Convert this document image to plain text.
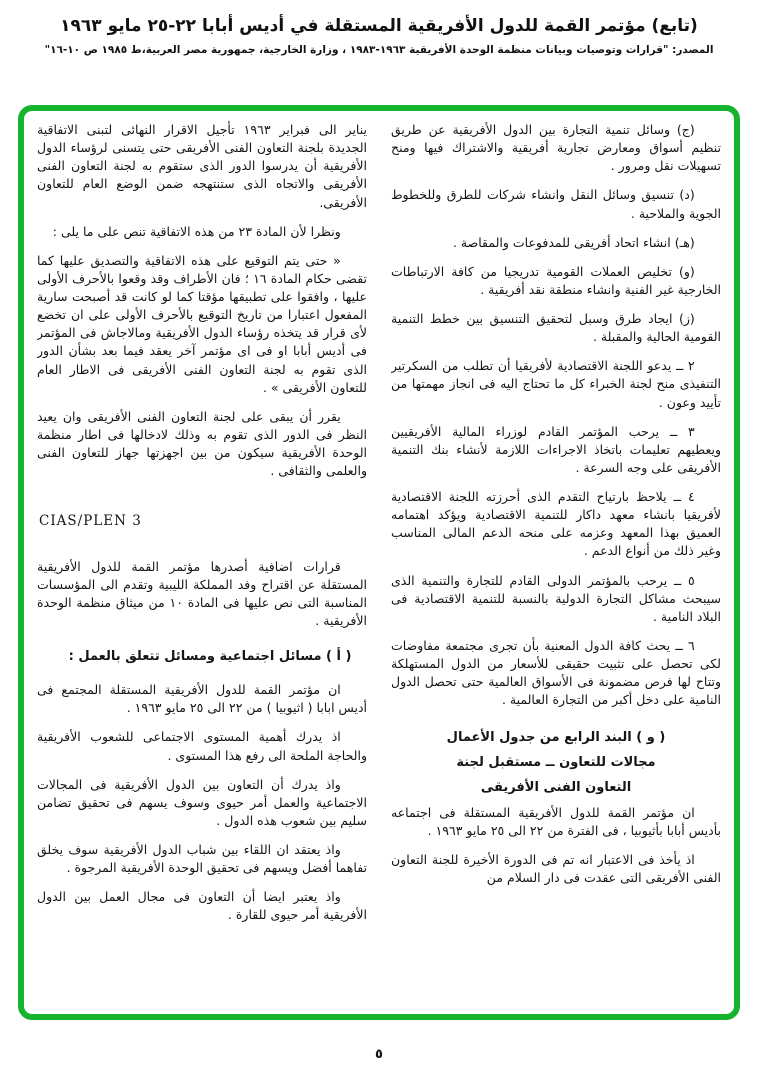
(تابع) مؤتمر القمة للدول الأفريقية المستقلة في أديس أبابا ٢٢-٢٥ مايو ١٩٦٣
المصدر: "قرارات وتوصيات وبيانات منظمة الوحدة الأفريقية ١٩٦٣-١٩٨٣ ، وزارة الخارجية، جمهورية مصر العربية،ط ١٩٨٥ ص ١٠-١٦"

(ج) وسائل تنمية التجارة بين الدول الأفريقية عن طريق تنظيم أسواق ومعارض تجارية أفريقية والاشتراك فيها ومنح تسهيلات نقل ومرور .

(د) تنسيق وسائل النقل وانشاء شركات للطرق وللخطوط الجوية والملاحية .

(هـ) انشاء اتحاد أفريقى للمدفوعات والمقاصة .

(و) تخليص العملات القومية تدريجيا من كافة الارتباطات الخارجية غير الفنية وانشاء منطقة نقد أفريقية .

(ز) ايجاد طرق وسبل لتحقيق التنسيق بين خطط التنمية القومية الحالية والمقبلة .

٢ ــ يدعو اللجنة الاقتصادية لأفريقيا أن تطلب من السكرتير التنفيذى منح لجنة الخبراء كل ما تحتاج اليه فى انجاز مهمتها من تأييد وعون .

٣ ــ يرحب المؤتمر القادم لوزراء المالية الأفريقيين ويعطيهم تعليمات باتخاذ الاجراءات اللازمة لأنشاء بنك التنمية الأفريقى على وجه السرعة .

٤ ــ يلاحظ بارتياح التقدم الذى أحرزته اللجنة الاقتصادية لأفريقيا بانشاء معهد داكار للتنمية الاقتصادية ويؤكد اهتمامه العميق بهذا المعهد وعزمه على منحه الدعم المالى المناسب وغير ذلك من أنواع الدعم .

٥ ــ يرحب بالمؤتمر الدولى القادم للتجارة والتنمية الذى سيبحث مشاكل التجارة الدولية بالنسبة للتنمية الاقتصادية فى البلاد النامية .

٦ ــ يحث كافة الدول المعنية بأن تجرى مجتمعة مفاوضات لكى تحصل على تثبيت حقيقى للأسعار من الدول المستهلكة وتتاح لها فرص مضمونة فى الأسواق العالمية حتى تحصل الدول النامية على دخل أكبر من التجارة العالمية .

( و ) البند الرابع من جدول الأعمال

مجالات للتعاون ــ مستقبل لجنة

التعاون الفنى الأفريقى

ان مؤتمر القمة للدول الأفريقية المستقلة فى اجتماعه بأديس أبابا بأثيوبيا ، فى الفترة من ٢٢ الى ٢٥ مايو ١٩٦٣ .

اذ يأخذ فى الاعتبار انه تم فى الدورة الأخيرة للجنة التعاون الفنى الأفريقى التى عقدت فى دار السلام من

يناير الى فبراير ١٩٦٣ تأجيل الاقرار النهائى لتبنى الاتفاقية الجديدة بلجنة التعاون الفنى الأفريقى حتى يتسنى لرؤساء الدول الأفريقية أن يدرسوا الدور الذى ستقوم به لجنة التعاون الفنى الأفريقى والاتجاه الذى ستنتهجه ضمن الوضع العام للتعاون الأفريقى.

ونظرا لأن المادة ٢٣ من هذه الاتفاقية تنص على ما يلى :

« حتى يتم التوقيع على هذه الاتفاقية والتصديق عليها كما تقضى حكام المادة ١٦ ؛ فان الأطراف وقد وقعوا بالأحرف الأولى عليها ، وافقوا على تطبيقها مؤقتا كما لو كانت قد أصبحت سارية المفعول اعتبارا من تاريخ التوقيع بالأحرف الأولى على ان تخضع لأى قرار قد يتخذه رؤساء الدول الأفريقية ومالاجاش فى المؤتمر فى أديس أبابا او فى اى مؤتمر آخر يعقد فيما بعد بشأن الدور الذى تقوم به لجنة التعاون الفنى الأفريقى فى الاطار العام للتعاون الأفريقى » .

يقرر أن يبقى على لجنة التعاون الفنى الأفريقى وان يعيد النظر فى الدور الذى تقوم به وذلك لادخالها فى اطار منظمة الوحدة الأفريقية سيكون من بين اجهزتها جهاز للتعاون الفنى والعلمى والثقافى .

CIAS/PLEN 3

قرارات اضافية أصدرها مؤتمر القمة للدول الأفريقية المستقلة عن اقتراح وفد المملكة الليبية وتقدم الى المؤسسات المناسبة التى نص عليها فى المادة ١٠ من ميثاق منظمة الوحدة الأفريقية .

( أ ) مسائل اجتماعية ومسائل تتعلق بالعمل :

ان مؤتمر القمة للدول الأفريقية المستقلة المجتمع فى أديس ابابا ( اثيوبيا ) من ٢٢ الى ٢٥ مايو ١٩٦٣ .

اذ يدرك أهمية المستوى الاجتماعى للشعوب الأفريقية والحاجة الملحة الى رفع هذا المستوى .

واذ يدرك أن التعاون بين الدول الأفريقية فى المجالات الاجتماعية والعمل أمر حيوى وسوف يسهم فى تحقيق تضامن سليم بين شعوب هذه الدول .

واذ يعتقد ان اللقاء بين شباب الدول الأفريقية سوف يخلق تفاهما أفضل ويسهم فى تحقيق الوحدة الأفريقية المرجوة .

واذ يعتبر ايضا أن التعاون فى مجال العمل بين الدول الأفريقية أمر حيوى للقارة .

٥
